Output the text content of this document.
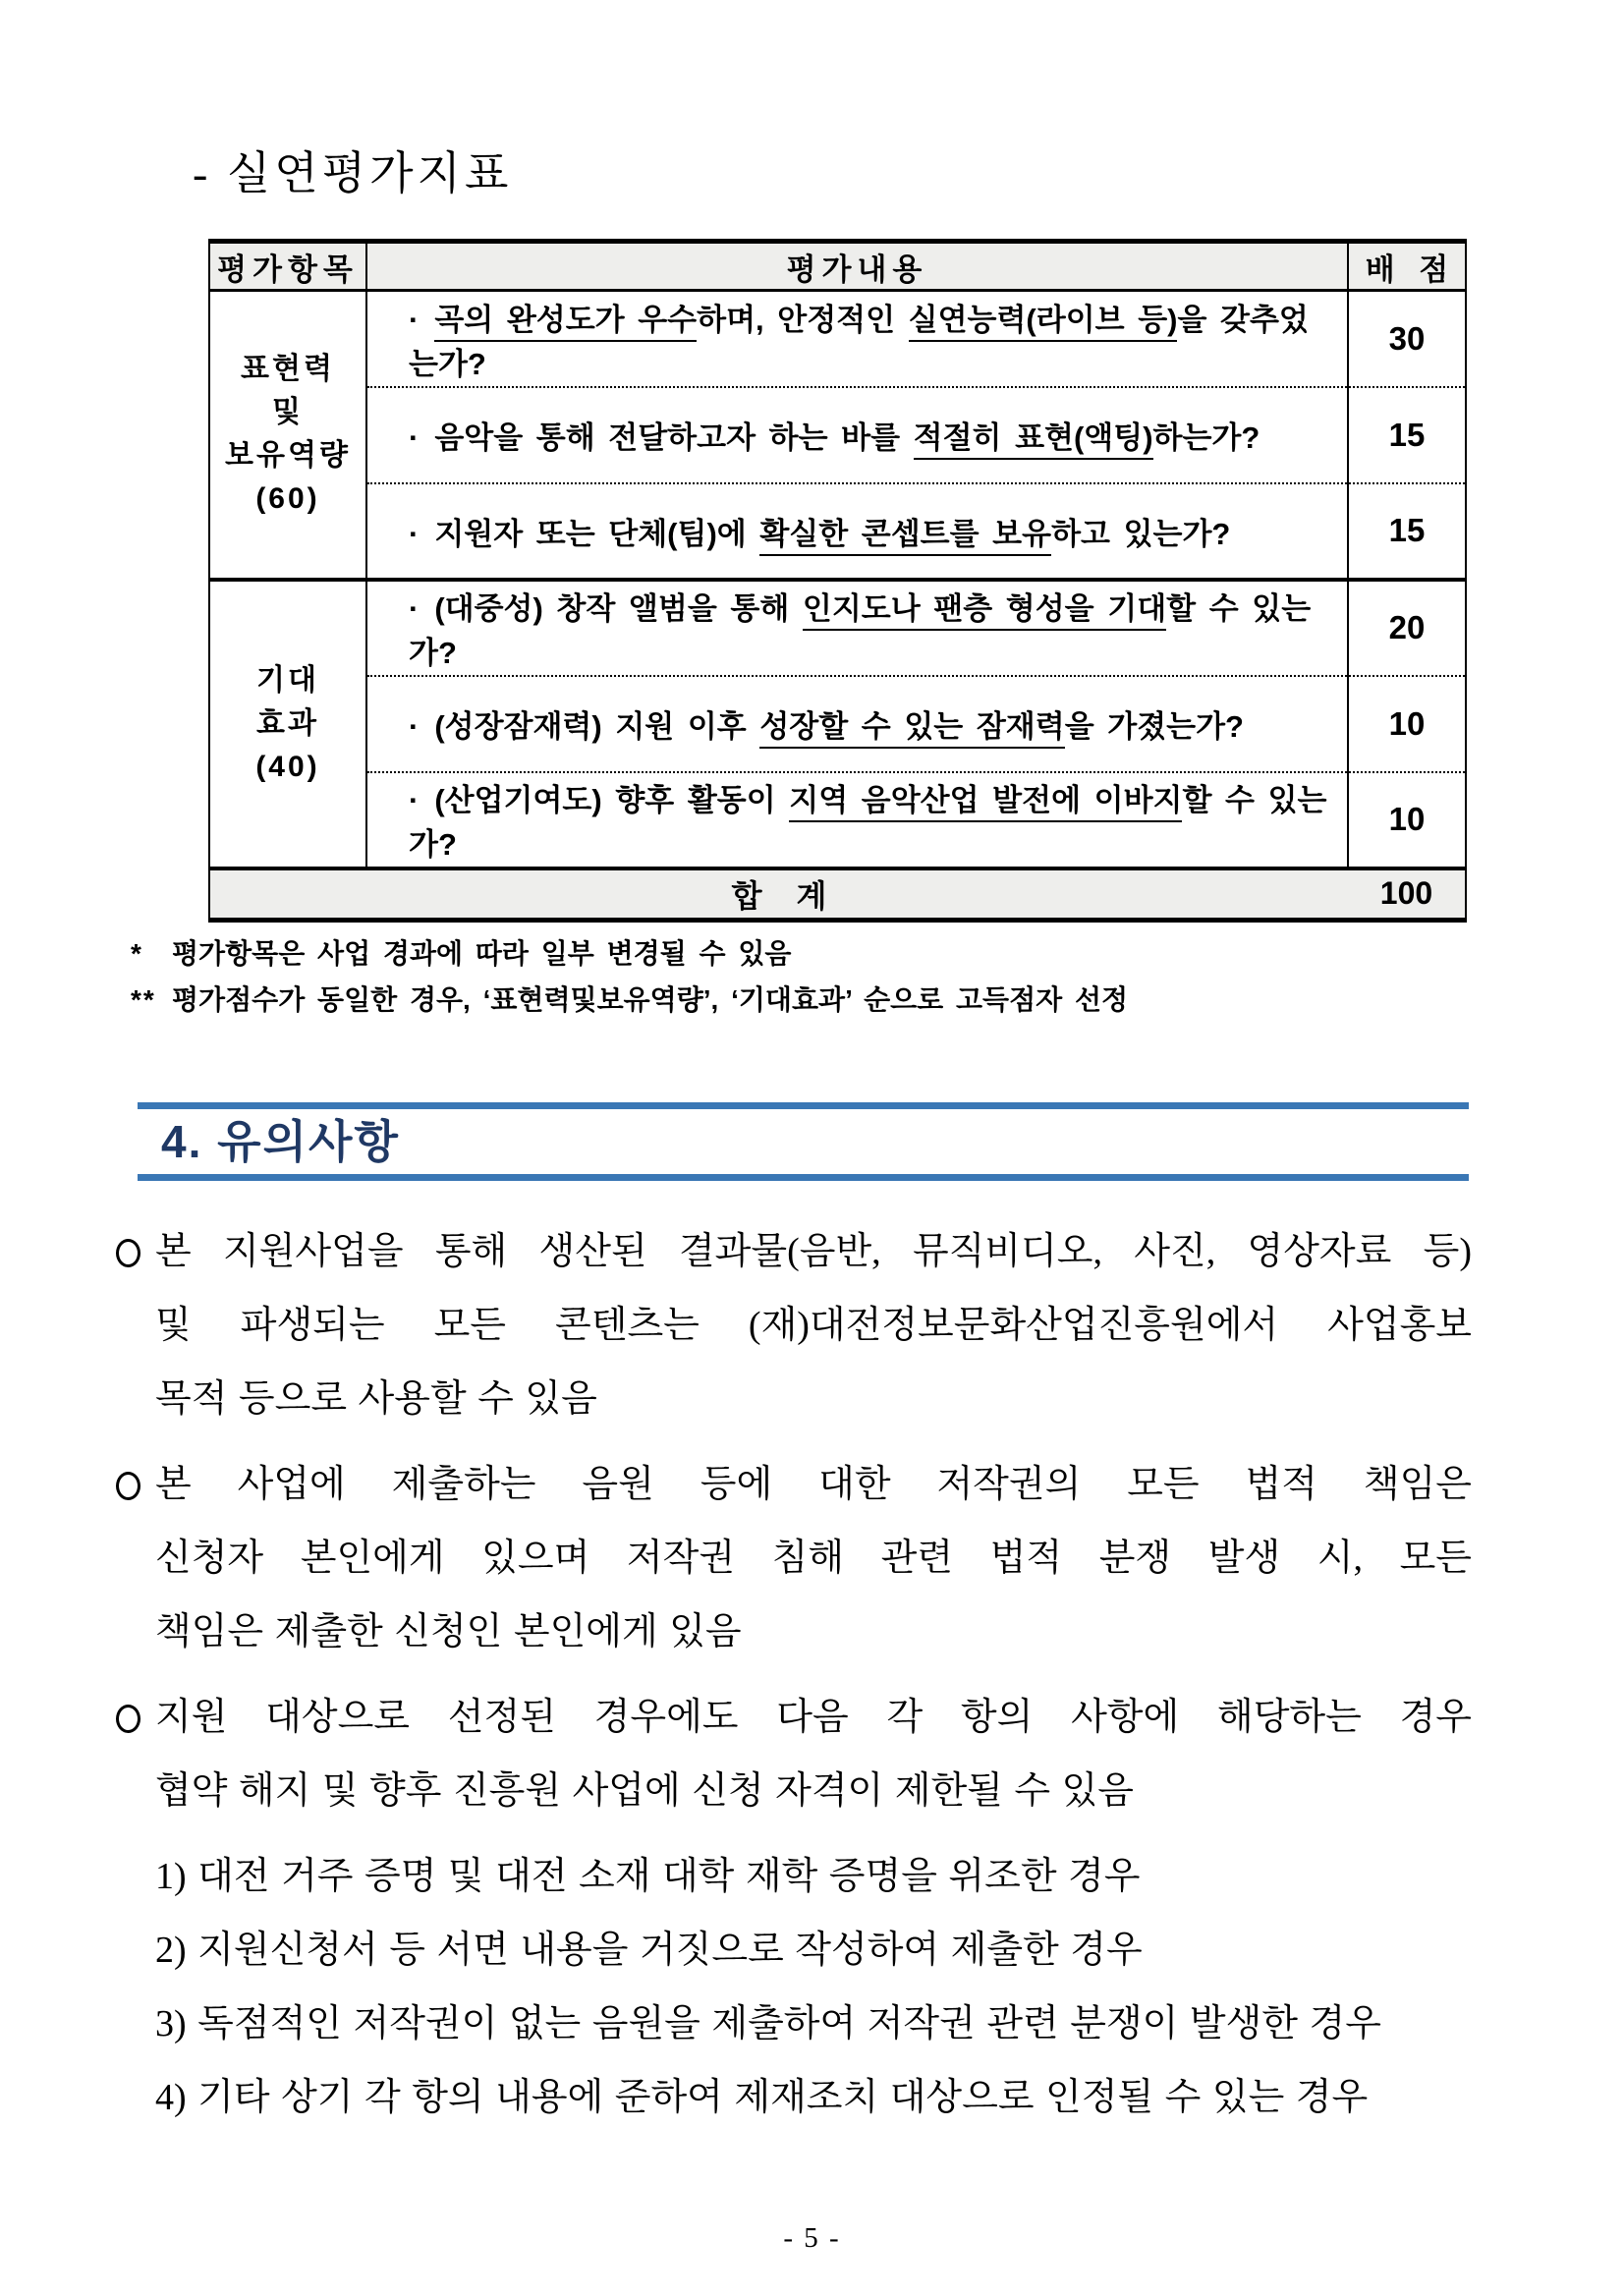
- 실연평가지표
평가항목	평가내용	배 점

표현력
및
보유역량
(60)	· 곡의 완성도가 우수하며, 안정적인 실연능력(라이브 등)을 갖추었는가?	30
	· 음악을 통해 전달하고자 하는 바를 적절히 표현(액팅)하는가?	15
	· 지원자 또는 단체(팀)에 확실한 콘셉트를 보유하고 있는가?	15

기대
효과
(40)	· (대중성) 창작 앨범을 통해 인지도나 팬층 형성을 기대할 수 있는가?	20
	· (성장잠재력) 지원 이후 성장할 수 있는 잠재력을 가졌는가?	10
	· (산업기여도) 향후 활동이 지역 음악산업 발전에 이바지할 수 있는가?	10
합 계		100
* 평가항목은 사업 경과에 따라 일부 변경될 수 있음
** 평가점수가 동일한 경우, ‘표현력및보유역량’, ‘기대효과’ 순으로 고득점자 선정
4. 유의사항
본 지원사업을 통해 생산된 결과물(음반, 뮤직비디오, 사진, 영상자료 등)
및 파생되는 모든 콘텐츠는 (재)대전정보문화산업진흥원에서 사업홍보
목적 등으로 사용할 수 있음
본 사업에 제출하는 음원 등에 대한 저작권의 모든 법적 책임은
신청자 본인에게 있으며 저작권 침해 관련 법적 분쟁 발생 시, 모든
책임은 제출한 신청인 본인에게 있음
지원 대상으로 선정된 경우에도 다음 각 항의 사항에 해당하는 경우
협약 해지 및 향후 진흥원 사업에 신청 자격이 제한될 수 있음
1) 대전 거주 증명 및 대전 소재 대학 재학 증명을 위조한 경우
2) 지원신청서 등 서면 내용을 거짓으로 작성하여 제출한 경우
3) 독점적인 저작권이 없는 음원을 제출하여 저작권 관련 분쟁이 발생한 경우
4) 기타 상기 각 항의 내용에 준하여 제재조치 대상으로 인정될 수 있는 경우
- 5 -
